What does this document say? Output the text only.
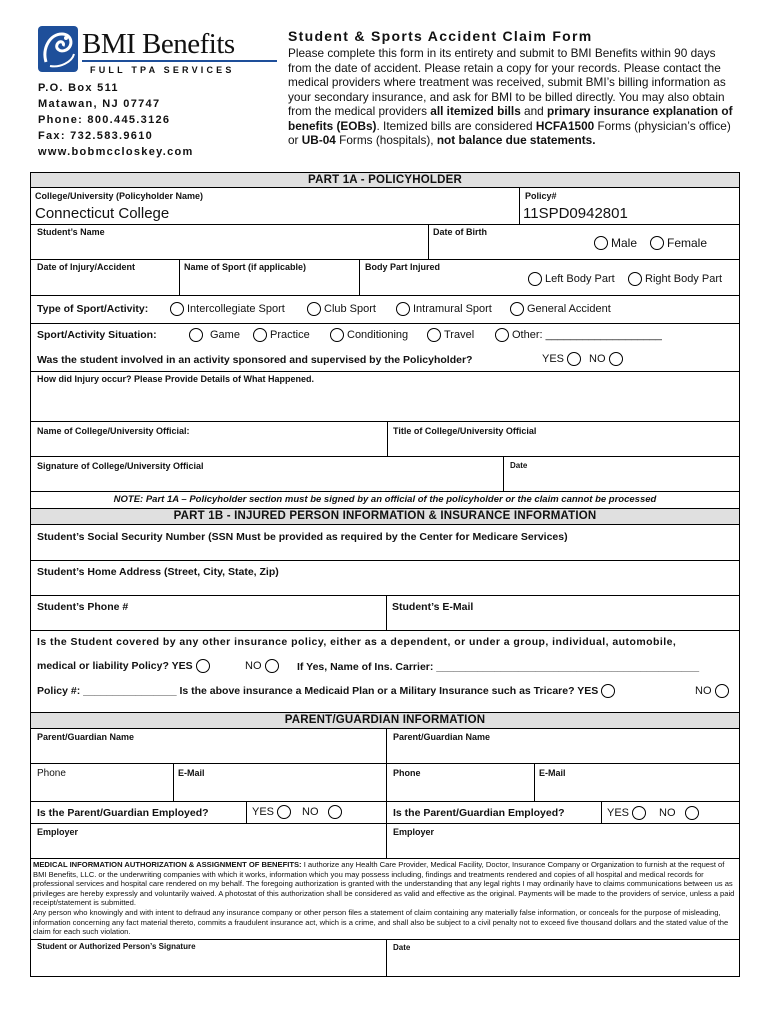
BMI Benefits
FULL TPA SERVICES
P.O. Box 511
Matawan, NJ 07747
Phone: 800.445.3126
Fax: 732.583.9610
www.bobmccloskey.com
Student & Sports Accident Claim Form
Please complete this form in its entirety and submit to BMI Benefits within 90 days from the date of accident. Please retain a copy for your records. Please contact the medical providers where treatment was received, submit BMI’s billing information as your secondary insurance, and ask for BMI to be billed directly. You may also obtain from the medical providers all itemized bills and primary insurance explanation of benefits (EOBs). Itemized bills are considered HCFA1500 Forms (physician’s office) or UB-04 Forms (hospitals), not balance due statements.
PART 1A - POLICYHOLDER
College/University (Policyholder Name)
Connecticut College
Policy#
11SPD0942801
Student’s Name	Date of Birth
Male Female
Date of Injury/Accident	Name of Sport (if applicable)	Body Part Injured
Left Body Part	Right Body Part
Type of Sport/Activity:	Intercollegiate Sport	Club Sport	Intramural Sport	General Accident
Sport/Activity Situation:	Game	Practice	Conditioning	Travel	Other: ___________________
Was the student involved in an activity sponsored and supervised by the Policyholder?	YES NO
How did Injury occur? Please Provide Details of What Happened.
Name of College/University Official:	Title of College/University Official
Signature of College/University Official	Date
NOTE: Part 1A – Policyholder section must be signed by an official of the policyholder or the claim cannot be processed
PART 1B - INJURED PERSON INFORMATION & INSURANCE INFORMATION
Student’s Social Security Number (SSN Must be provided as required by the Center for Medicare Services)
Student’s Home Address (Street, City, State, Zip)
Student’s Phone #	Student’s E-Mail
Is the Student covered by any other insurance policy, either as a dependent, or under a group, individual, automobile,
medical or liability Policy? YES	NO	If Yes, Name of Ins. Carrier: _____________________________________________
Policy #: ________________ Is the above insurance a Medicaid Plan or a Military Insurance such as Tricare? YES	NO
PARENT/GUARDIAN INFORMATION
Parent/Guardian Name	Parent/Guardian Name
Phone	E-Mail	Phone	E-Mail
Is the Parent/Guardian Employed?	YES	NO	Is the Parent/Guardian Employed?	YES	NO
Employer	Employer
MEDICAL INFORMATION AUTHORIZATION & ASSIGNMENT OF BENEFITS: I authorize any Health Care Provider, Medical Facility, Doctor, Insurance Company or Organization to furnish at the request of BMI Benefits, LLC. or the underwriting companies with which it works, information which you may possess including, findings and treatments rendered and copies of all hospital and medical records for professional services and hospital care rendered on my behalf. The foregoing authorization is granted with the understanding that any legal rights I may ordinarily have to claims communications between us as privileges are hereby expressly and voluntarily waived. A photostat of this authorization shall be considered as valid and effective as the original. Payments will be made to the providers of service, unless a paid receipt/statement is submitted.
Any person who knowingly and with intent to defraud any insurance company or other person files a statement of claim containing any materially false information, or conceals for the purpose of misleading, information concerning any fact material thereto, commits a fraudulent insurance act, which is a crime, and shall also be subject to a civil penalty not to exceed five thousand dollars and the stated value of the claim for each such violation.
Student or Authorized Person’s Signature	Date
